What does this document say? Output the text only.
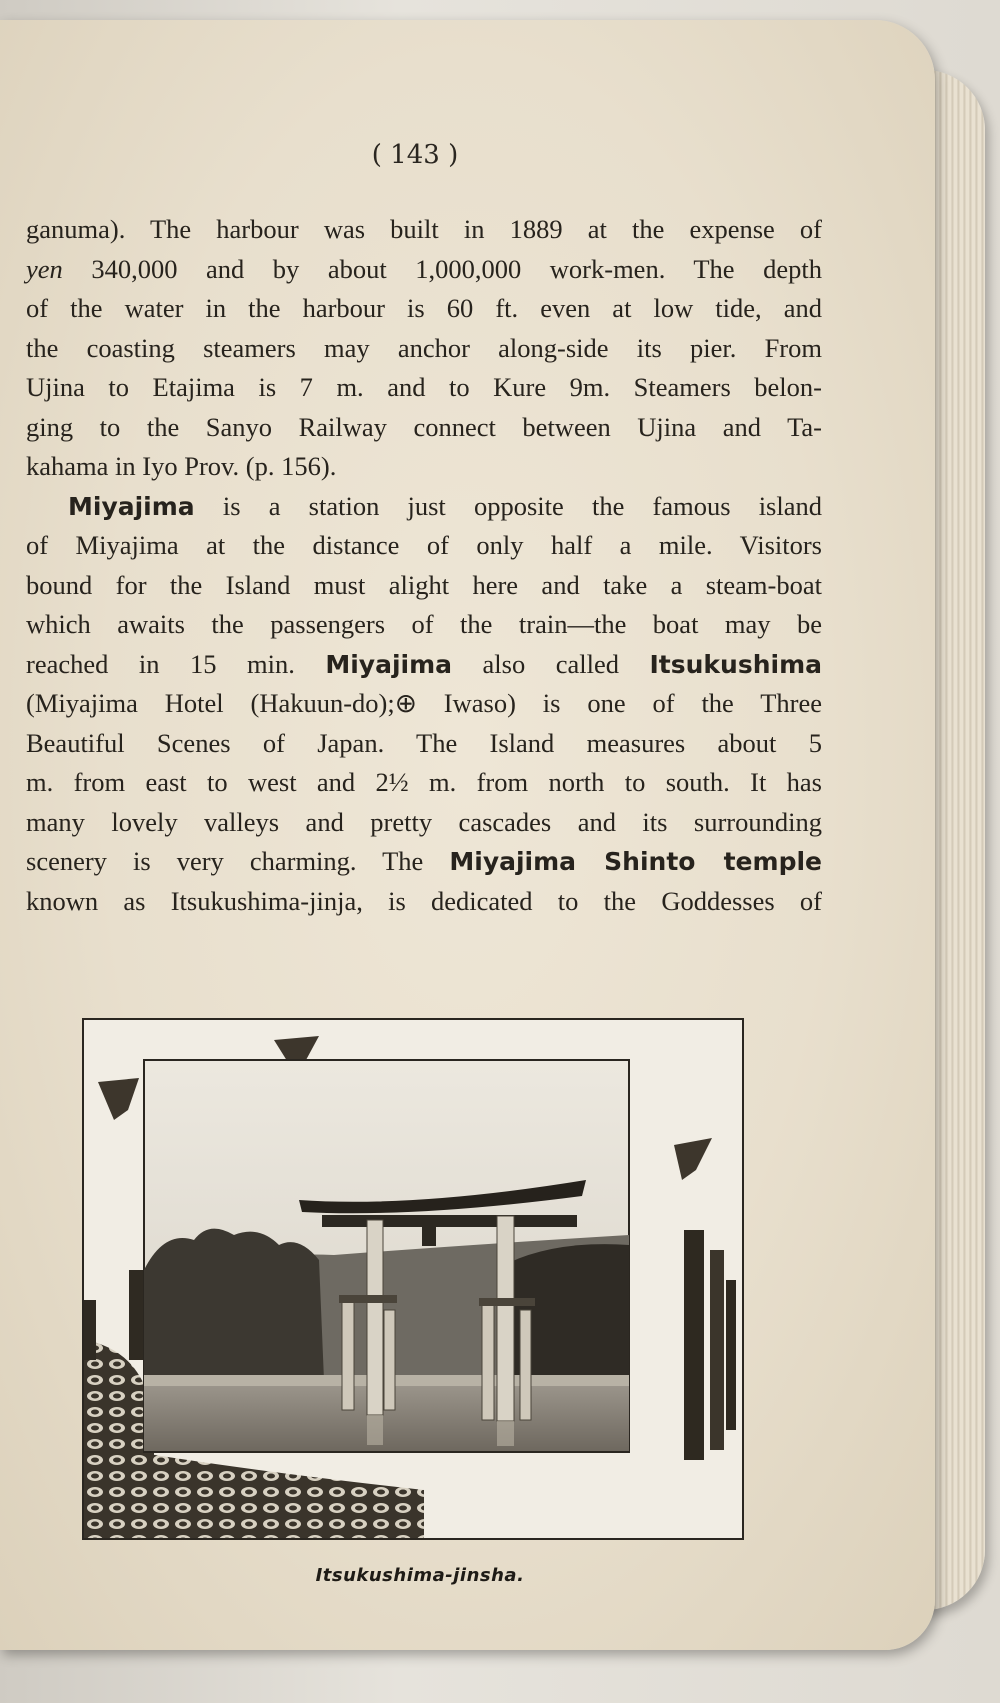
( 143 )
ganuma). The harbour was built in 1889 at the expense of
yen 340,000 and by about 1,000,000 work-men. The depth
of the water in the harbour is 60 ft. even at low tide, and
the coasting steamers may anchor along-side its pier. From
Ujina to Etajima is 7 m. and to Kure 9m. Steamers belon-
ging to the Sanyo Railway connect between Ujina and Ta-
kahama in Iyo Prov. (p. 156).
Miyajima is a station just opposite the famous island
of Miyajima at the distance of only half a mile. Visitors
bound for the Island must alight here and take a steam-boat
which awaits the passengers of the train—the boat may be
reached in 15 min. Miyajima also called Itsukushima
(Miyajima Hotel (Hakuun-do);⊕ Iwaso) is one of the Three
Beautiful Scenes of Japan. The Island measures about 5
m. from east to west and 2½ m. from north to south. It has
many lovely valleys and pretty cascades and its surrounding
scenery is very charming. The Miyajima Shinto temple
known as Itsukushima-jinja, is dedicated to the Goddesses of
Itsukushima-jinsha.
